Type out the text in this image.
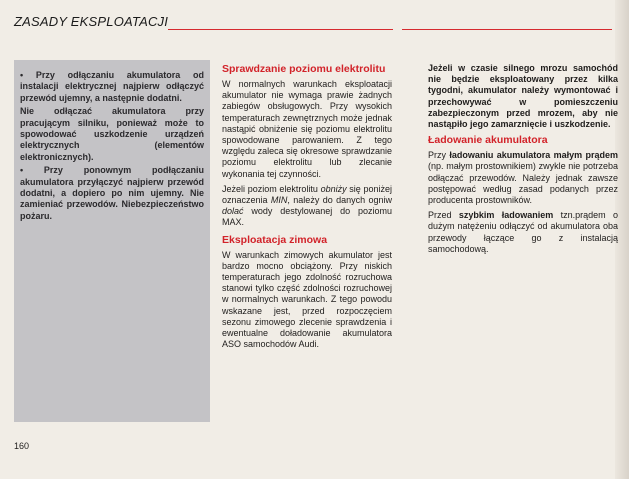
ZASADY EKSPLOATACJI

• Przy odłączaniu akumulatora od instalacji elektrycznej najpierw odłączyć przewód ujemny, a następnie dodatni.

Nie odłączać akumulatora przy pracującym silniku, ponieważ może to spowodować uszkodzenie urządzeń elektrycznych (elementów elektronicznych).

• Przy ponownym podłączaniu akumulatora przyłączyć najpierw przewód dodatni, a dopiero po nim ujemny. Nie zamieniać przewodów. Niebezpieczeństwo pożaru.

Sprawdzanie poziomu elektrolitu

W normalnych warunkach eksploatacji akumulator nie wymaga prawie żadnych zabiegów obsługowych. Przy wysokich temperaturach zewnętrznych może jednak nastąpić obniżenie się poziomu elektrolitu spowodowane parowaniem. Z tego względu zaleca się okresowe sprawdzanie poziomu elektrolitu lub zlecanie wykonania tej czynności.

Jeżeli poziom elektrolitu obniży się poniżej oznaczenia MIN, należy do danych ogniw dolać wody destylowanej do poziomu MAX.

Eksploatacja zimowa

W warunkach zimowych akumulator jest bardzo mocno obciążony. Przy niskich temperaturach jego zdolność rozruchowa stanowi tylko część zdolności rozruchowej w normalnych warunkach. Z tego powodu wskazane jest, przed rozpoczęciem sezonu zimowego zlecenie sprawdzenia i ewentualne doładowanie akumulatora ASO samochodów Audi.

Jeżeli w czasie silnego mrozu samochód nie będzie eksploatowany przez kilka tygodni, akumulator należy wymontować i przechowywać w pomieszczeniu zabezpieczonym przed mrozem, aby nie nastąpiło jego zamarznięcie i uszkodzenie.

Ładowanie akumulatora

Przy ładowaniu akumulatora małym prądem (np. małym prostownikiem) zwykle nie potrzeba odłączać przewodów. Należy jednak zawsze postępować według zasad podanych przez producenta prostowników.

Przed szybkim ładowaniem tzn.prądem o dużym natężeniu odłączyć od akumulatora oba przewody łączące go z instalacją samochodową.

160
